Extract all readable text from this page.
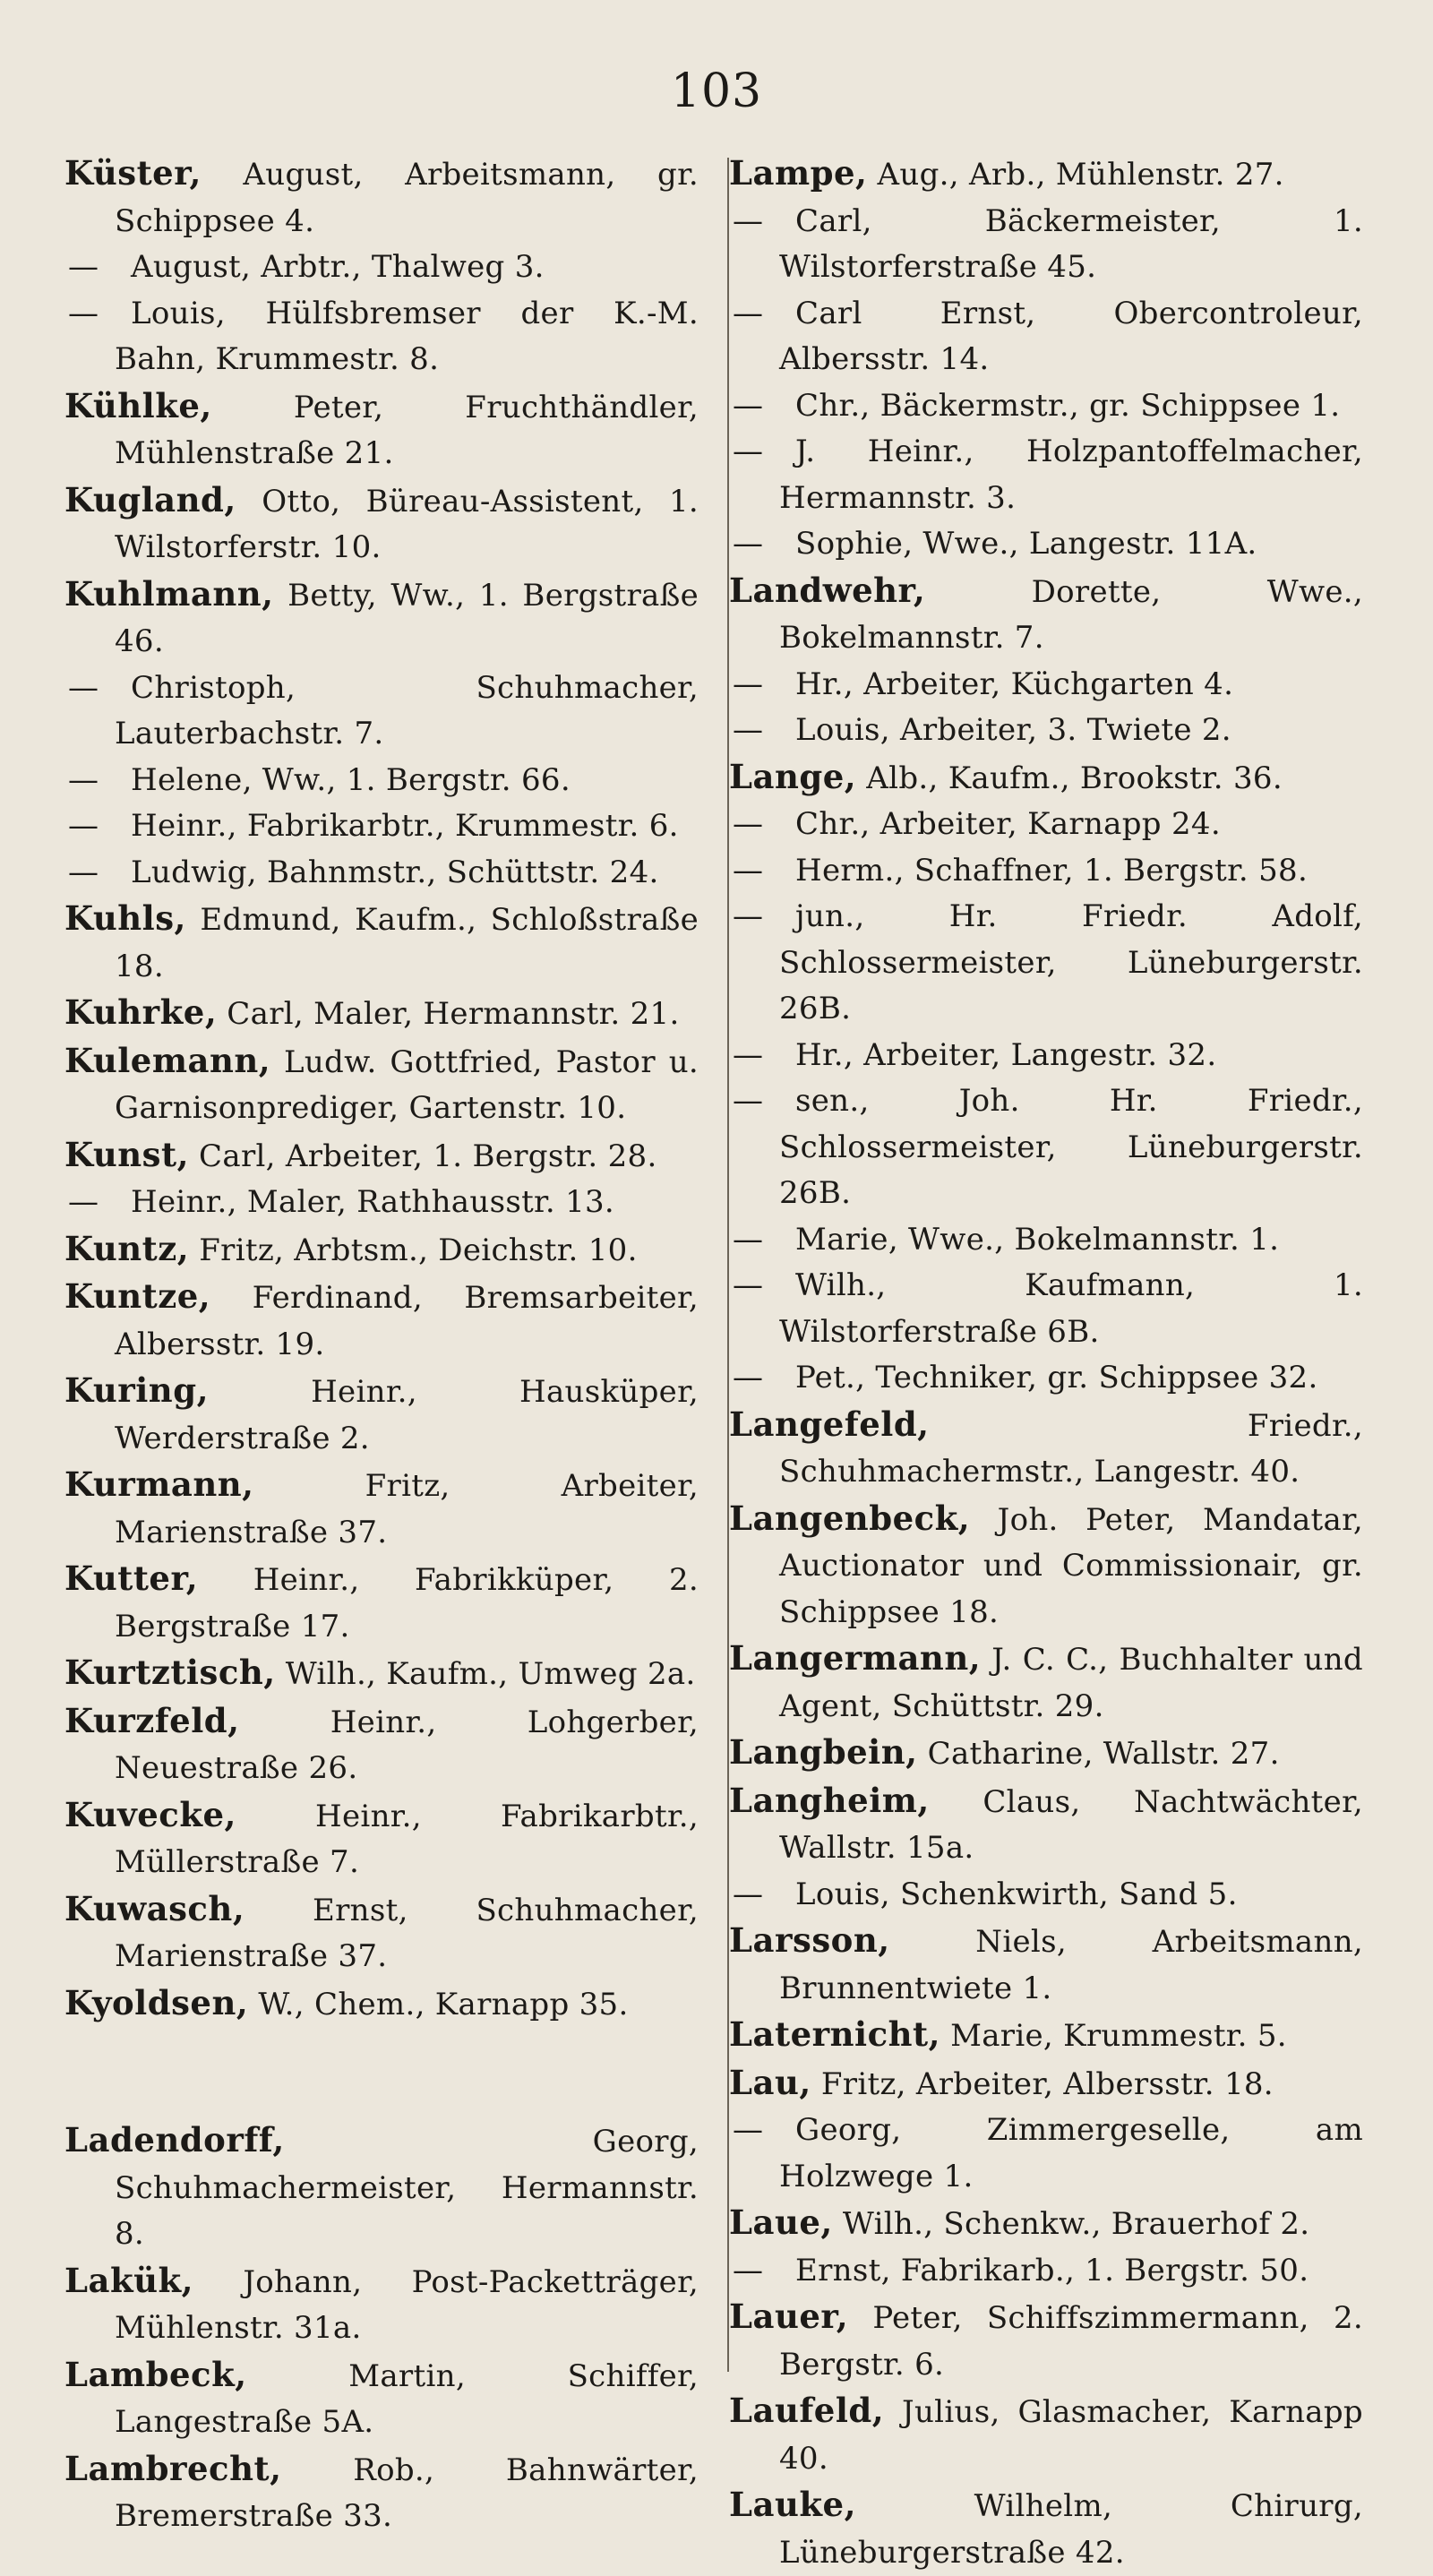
103
Küster, August, Arbeitsmann, gr. Schippsee 4.
— August, Arbtr., Thalweg 3.
— Louis, Hülfsbremser der K.-M. Bahn, Krummestr. 8.
Kühlke, Peter, Fruchthändler, Mühlenstraße 21.
Kugland, Otto, Büreau-Assistent, 1. Wilstorferstr. 10.
Kuhlmann, Betty, Ww., 1. Bergstraße 46.
— Christoph, Schuhmacher, Lauterbachstr. 7.
— Helene, Ww., 1. Bergstr. 66.
— Heinr., Fabrikarbtr., Krummestr. 6.
— Ludwig, Bahnmstr., Schüttstr. 24.
Kuhls, Edmund, Kaufm., Schloßstraße 18.
Kuhrke, Carl, Maler, Hermannstr. 21.
Kulemann, Ludw. Gottfried, Pastor u. Garnisonprediger, Gartenstr. 10.
Kunst, Carl, Arbeiter, 1. Bergstr. 28.
— Heinr., Maler, Rathhausstr. 13.
Kuntz, Fritz, Arbtsm., Deichstr. 10.
Kuntze, Ferdinand, Bremsarbeiter, Albersstr. 19.
Kuring, Heinr., Hausküper, Werderstraße 2.
Kurmann, Fritz, Arbeiter, Marienstraße 37.
Kutter, Heinr., Fabrikküper, 2. Bergstraße 17.
Kurtztisch, Wilh., Kaufm., Umweg 2a.
Kurzfeld, Heinr., Lohgerber, Neuestraße 26.
Kuvecke, Heinr., Fabrikarbtr., Müllerstraße 7.
Kuwasch, Ernst, Schuhmacher, Marienstraße 37.
Kyoldsen, W., Chem., Karnapp 35.
Ladendorff, Georg, Schuhmachermeister, Hermannstr. 8.
Lakük, Johann, Post-Packetträger, Mühlenstr. 31a.
Lambeck, Martin, Schiffer, Langestraße 5A.
Lambrecht, Rob., Bahnwärter, Bremerstraße 33.
Lampe, Aug., Arb., Mühlenstr. 27.
— Carl, Bäckermeister, 1. Wilstorferstraße 45.
— Carl Ernst, Obercontroleur, Albersstr. 14.
— Chr., Bäckermstr., gr. Schippsee 1.
— J. Heinr., Holzpantoffelmacher, Hermannstr. 3.
— Sophie, Wwe., Langestr. 11A.
Landwehr, Dorette, Wwe., Bokelmannstr. 7.
— Hr., Arbeiter, Küchgarten 4.
— Louis, Arbeiter, 3. Twiete 2.
Lange, Alb., Kaufm., Brookstr. 36.
— Chr., Arbeiter, Karnapp 24.
— Herm., Schaffner, 1. Bergstr. 58.
— jun., Hr. Friedr. Adolf, Schlossermeister, Lüneburgerstr. 26B.
— Hr., Arbeiter, Langestr. 32.
— sen., Joh. Hr. Friedr., Schlossermeister, Lüneburgerstr. 26B.
— Marie, Wwe., Bokelmannstr. 1.
— Wilh., Kaufmann, 1. Wilstorferstraße 6B.
— Pet., Techniker, gr. Schippsee 32.
Langefeld, Friedr., Schuhmachermstr., Langestr. 40.
Langenbeck, Joh. Peter, Mandatar, Auctionator und Commissionair, gr. Schippsee 18.
Langermann, J. C. C., Buchhalter und Agent, Schüttstr. 29.
Langbein, Catharine, Wallstr. 27.
Langheim, Claus, Nachtwächter, Wallstr. 15a.
— Louis, Schenkwirth, Sand 5.
Larsson, Niels, Arbeitsmann, Brunnentwiete 1.
Laternicht, Marie, Krummestr. 5.
Lau, Fritz, Arbeiter, Albersstr. 18.
— Georg, Zimmergeselle, am Holzwege 1.
Laue, Wilh., Schenkw., Brauerhof 2.
— Ernst, Fabrikarb., 1. Bergstr. 50.
Lauer, Peter, Schiffszimmermann, 2. Bergstr. 6.
Laufeld, Julius, Glasmacher, Karnapp 40.
Lauke, Wilhelm, Chirurg, Lüneburgerstraße 42.
